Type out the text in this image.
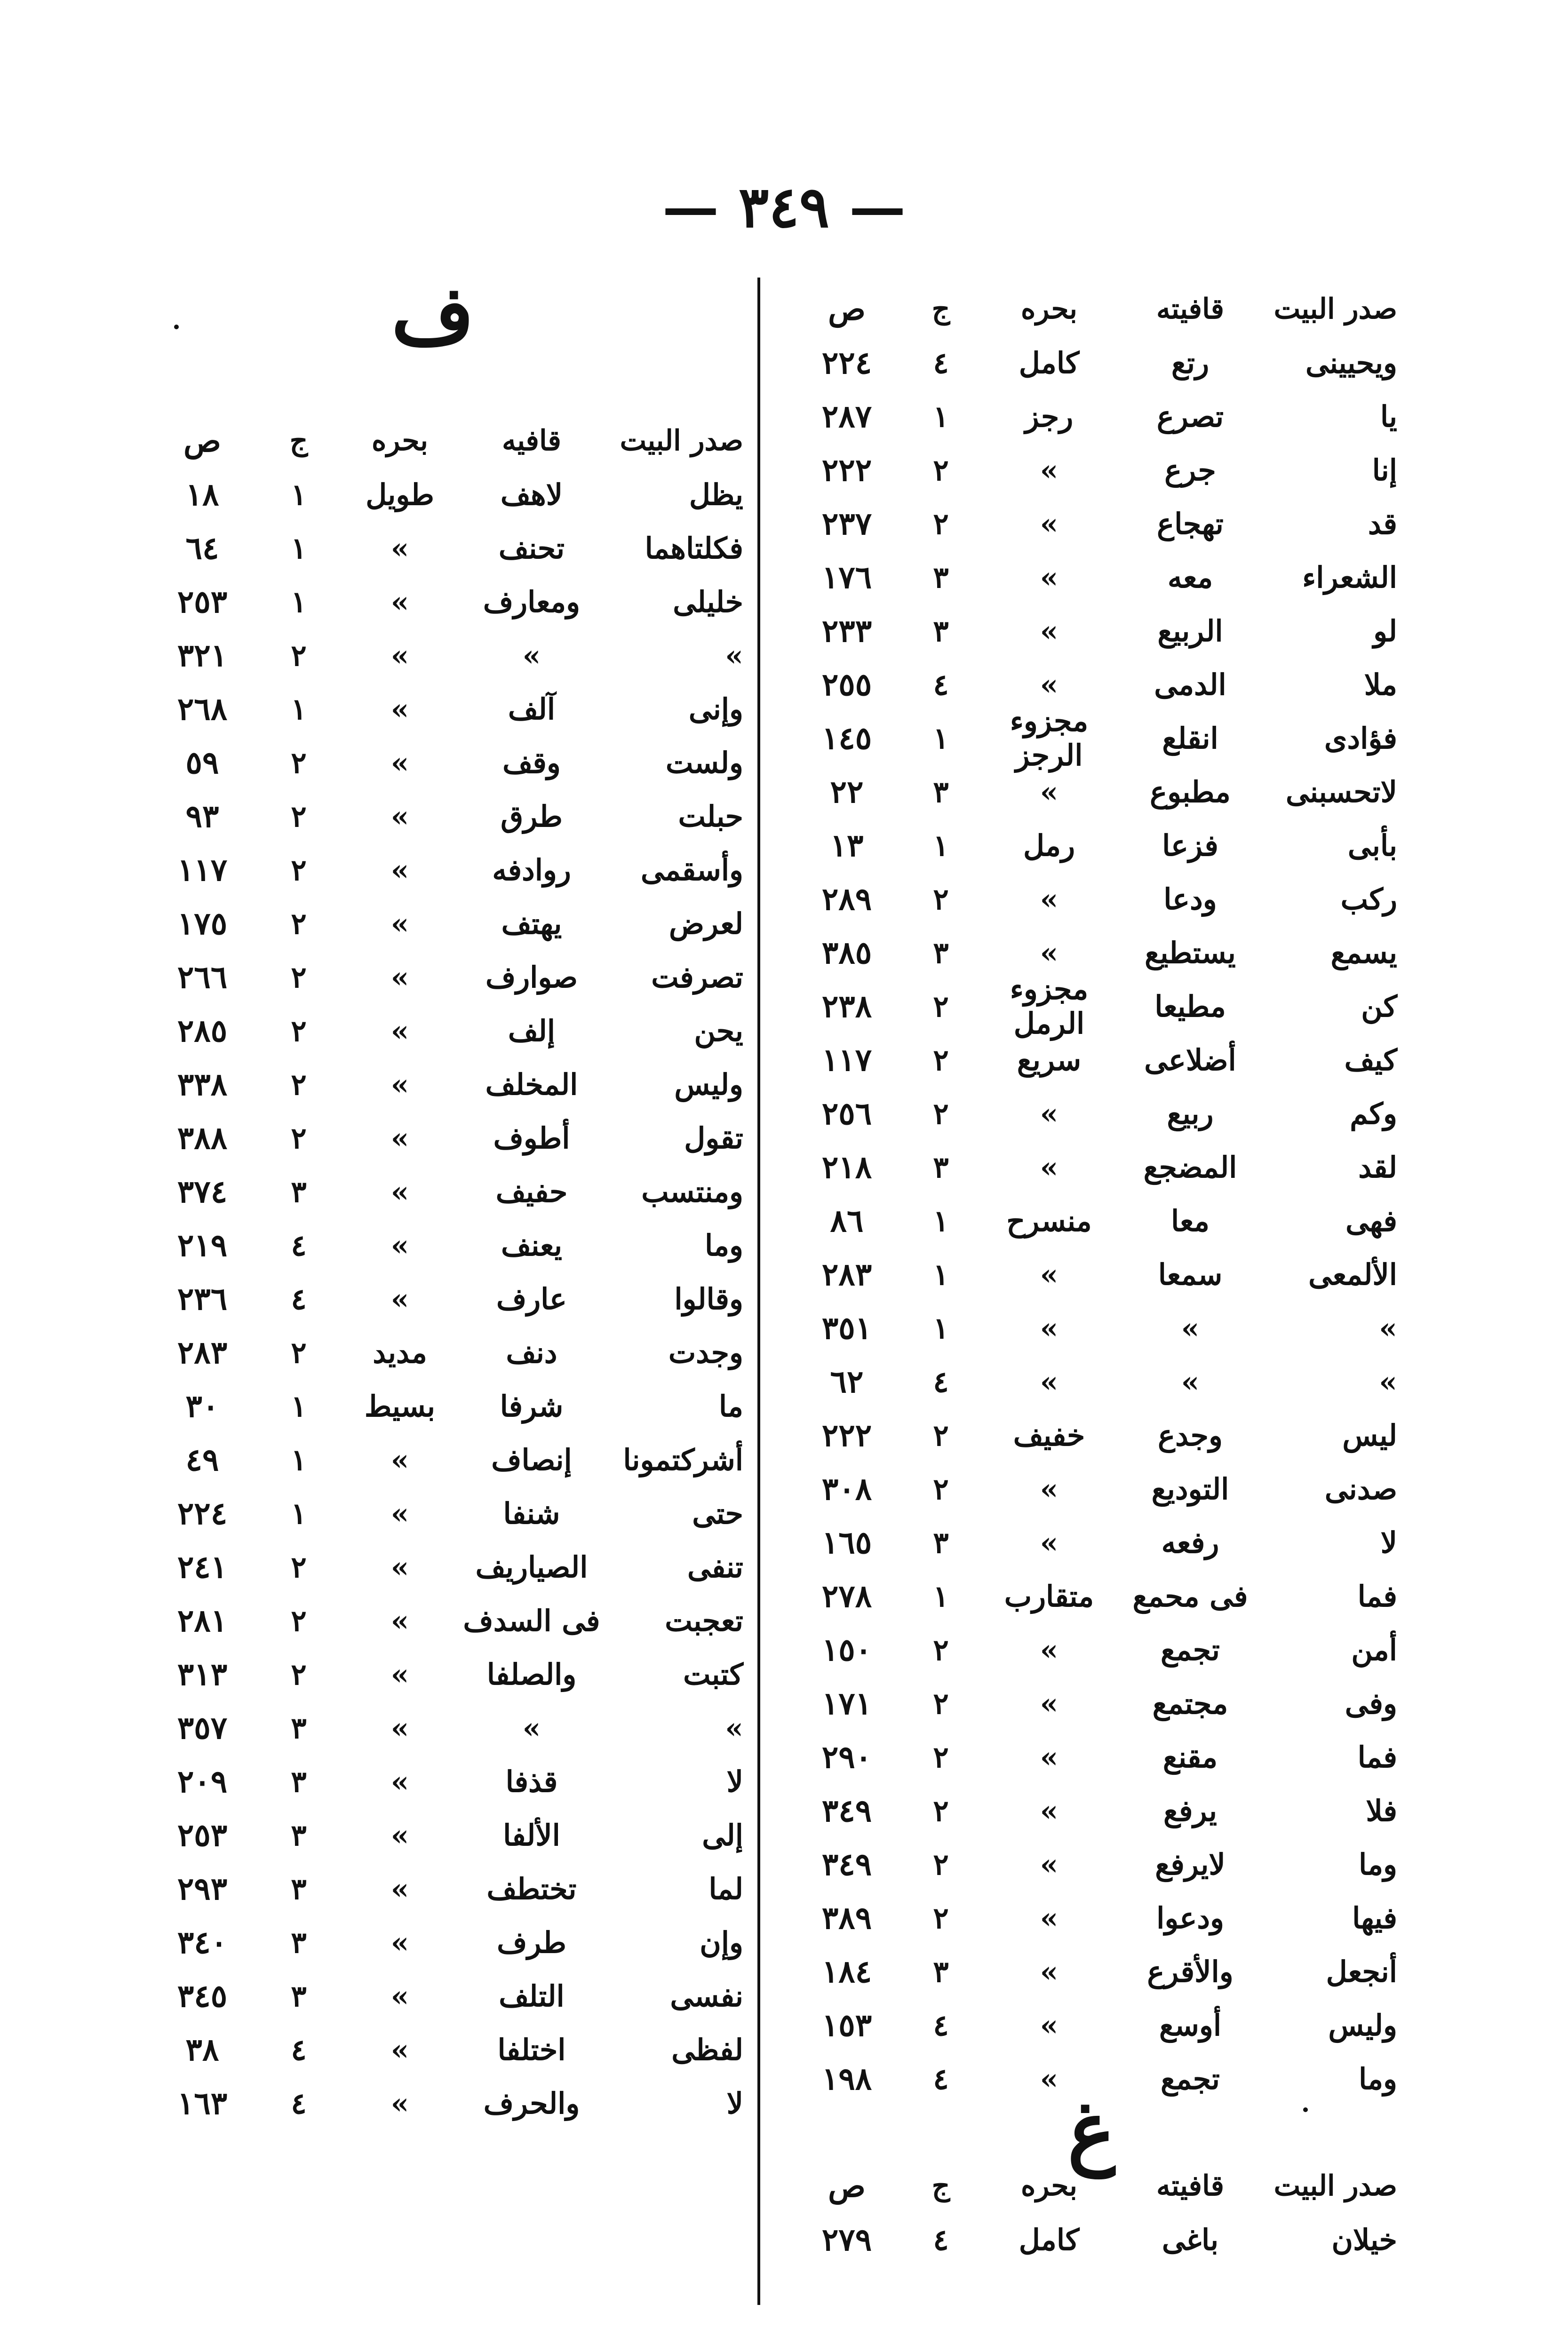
— ٣٤٩ —
ف	صدر البيت
قافيته
بحره
ج
ص
ويحيينى
رتع
كامل
٤
٢٢٤
يا
تصرع
رجز
١
٢٨٧
إنا
جرع
»
٢
٢٢٢
قد
تهجاع
»
٢
٢٣٧
الشعراء
معه
»
٣
١٧٦
لو
الربيع
»
٣
٢٣٣
ملا
الدمى
»
٤
٢٥٥
فؤادى
انقلع
مجزوء الرجز
١
١٤٥
لاتحسبنى
مطبوع
»
٣
٢٢
بأبى
فزعا
رمل
١
١٣
ركب
ودعا
»
٢
٢٨٩
يسمع
يستطيع
»
٣
٣٨٥
كن
مطيعا
مجزوء الرمل
٢
٢٣٨
كيف
أضلاعى
سريع
٢
١١٧
وكم
ربيع
»
٢
٢٥٦
لقد
المضجع
»
٣
٢١٨
فهى
معا
منسرح
١
٨٦
الألمعى
سمعا
»
١
٢٨٣
»
»
»
١
٣٥١
»
»
»
٤
٦٢
ليس
وجدع
خفيف
٢
٢٢٢
صدنى
التوديع
»
٢
٣٠٨
لا
رفعه
»
٣
١٦٥
فما
فى محمع
متقارب
١
٢٧٨
أمن
تجمع
»
٢
١٥٠
وفى
مجتمع
»
٢
١٧١
فما
مقنع
»
٢
٢٩٠
فلا
يرفع
»
٢
٣٤٩
وما
لايرفع
»
٢
٣٤٩
فيها
ودعوا
»
٢
٣٨٩
أنجعل
والأقرع
»
٣
١٨٤
وليس
أوسع
»
٤
١٥٣
وما
تجمع
»
٤
١٩٨
صدر البيت
قافيه
بحره
ج
ص
يظل
لاهف
طويل
١
١٨
فكلتاهما
تحنف
»
١
٦٤
خليلى
ومعارف
»
١
٢٥٣
»
»
»
٢
٣٢١
وإنى
آلف
»
١
٢٦٨
ولست
وقف
»
٢
٥٩
حبلت
طرق
»
٢
٩٣
وأسقمى
روادفه
»
٢
١١٧
لعرض
يهتف
»
٢
١٧٥
تصرفت
صوارف
»
٢
٢٦٦
يحن
إلف
»
٢
٢٨٥
وليس
المخلف
»
٢
٣٣٨
تقول
أطوف
»
٢
٣٨٨
ومنتسب
حفيف
»
٣
٣٧٤
وما
يعنف
»
٤
٢١٩
وقالوا
عارف
»
٤
٢٣٦
وجدت
دنف
مديد
٢
٢٨٣
ما
شرفا
بسيط
١
٣٠
أشركتمونا
إنصاف
»
١
٤٩
حتى
شنفا
»
١
٢٢٤
تنفى
الصياريف
»
٢
٢٤١
تعجبت
فى السدف
»
٢
٢٨١
كتبت
والصلفا
»
٢
٣١٣
»
»
»
٣
٣٥٧
لا
قذفا
»
٣
٢٠٩
إلى
الألفا
»
٣
٢٥٣
لما
تختطف
»
٣
٢٩٣
وإن
طرف
»
٣
٣٤٠
نفسى
التلف
»
٣
٣٤٥
لفظى
اختلفا
»
٤
٣٨
لا
والحرف
»
٤
١٦٣	غ
صدر البيت
قافيته
بحره
ج
ص
خيلان
باغى
كامل
٤
٢٧٩
